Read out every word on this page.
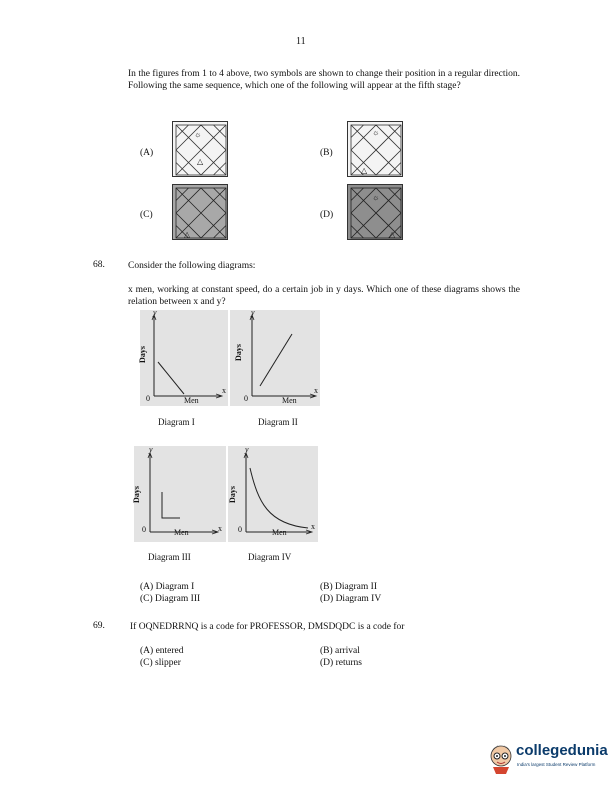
11
In the figures from 1 to 4 above, two symbols are shown to change their position in a regular direction. Following the same sequence, which one of the following will appear at the fifth stage?
(A)	(B)
(C)	(D)
☼
△
☼
△
△
☼
△
68. Consider the following diagrams:
x men, working at constant speed, do a certain job in y days. Which one of these diagrams shows the relation between x and y?
y
x
0	Men
Days
Diagram I
y
x
0	Men
Days
Diagram II
y
x
0	Men
Days
Diagram III
y
x
0	Men
Days
Diagram IV
(A) Diagram I	(B) Diagram II
(C) Diagram III	(D) Diagram IV
69.	If OQNEDRRNQ is a code for PROFESSOR, DMSDQDC is a code for
(A) entered	(B) arrival
(C) slipper	(D) returns
collegedunia
India's largest Student Review Platform
